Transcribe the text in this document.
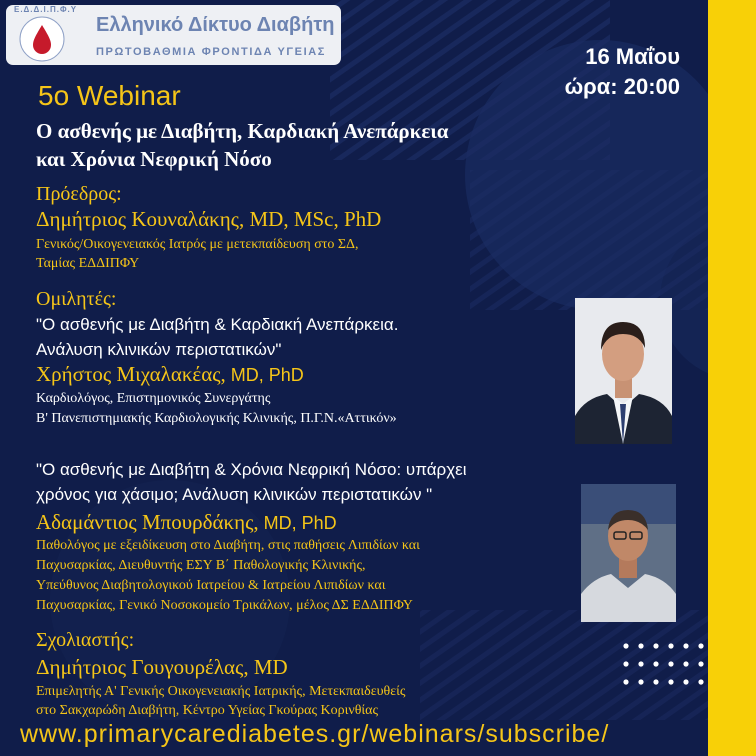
Ε.Δ.Δ.Ι.Π.Φ.Υ
Ελληνικό Δίκτυο Διαβήτη
ΠΡΩΤΟΒΑΘΜΙΑ ΦΡΟΝΤΙΔΑ ΥΓΕΙΑΣ	16 Μαΐου
ώρα: 20:00
5ο Webinar
Ο ασθενής με Διαβήτη, Καρδιακή Ανεπάρκεια
και Χρόνια Νεφρική Νόσο
Πρόεδρος:
Δημήτριος Κουναλάκης, MD, MSc, PhD
Γενικός/Οικογενειακός Ιατρός με μετεκπαίδευση στο ΣΔ,
Ταμίας ΕΔΔΙΠΦΥ
Ομιλητές:
"Ο ασθενής με Διαβήτη & Καρδιακή Ανεπάρκεια.
Ανάλυση κλινικών περιστατικών"
Χρήστος Μιχαλακέας, MD, PhD
Καρδιολόγος, Επιστημονικός Συνεργάτης
Β' Πανεπιστημιακής Καρδιολογικής Κλινικής, Π.Γ.Ν.«Αττικόν»
"Ο ασθενής με Διαβήτη & Χρόνια Νεφρική Νόσο: υπάρχει
χρόνος για χάσιμο; Ανάλυση κλινικών περιστατικών "
Αδαμάντιος Μπουρδάκης, MD, PhD
Παθολόγος με εξειδίκευση στο Διαβήτη, στις παθήσεις Λιπιδίων και
Παχυσαρκίας, Διευθυντής ΕΣΥ Β΄ Παθολογικής Κλινικής,
Υπεύθυνος Διαβητολογικού Ιατρείου & Ιατρείου Λιπιδίων και
Παχυσαρκίας, Γενικό Νοσοκομείο Τρικάλων, μέλος ΔΣ ΕΔΔΙΠΦΥ
Σχολιαστής:
Δημήτριος Γουγουρέλας, MD
Επιμελητής Α' Γενικής Οικογενειακής Ιατρικής, Μετεκπαιδευθείς
στο Σακχαρώδη Διαβήτη, Κέντρο Υγείας Γκούρας Κορινθίας
www.primarycarediabetes.gr/webinars/subscribe/
